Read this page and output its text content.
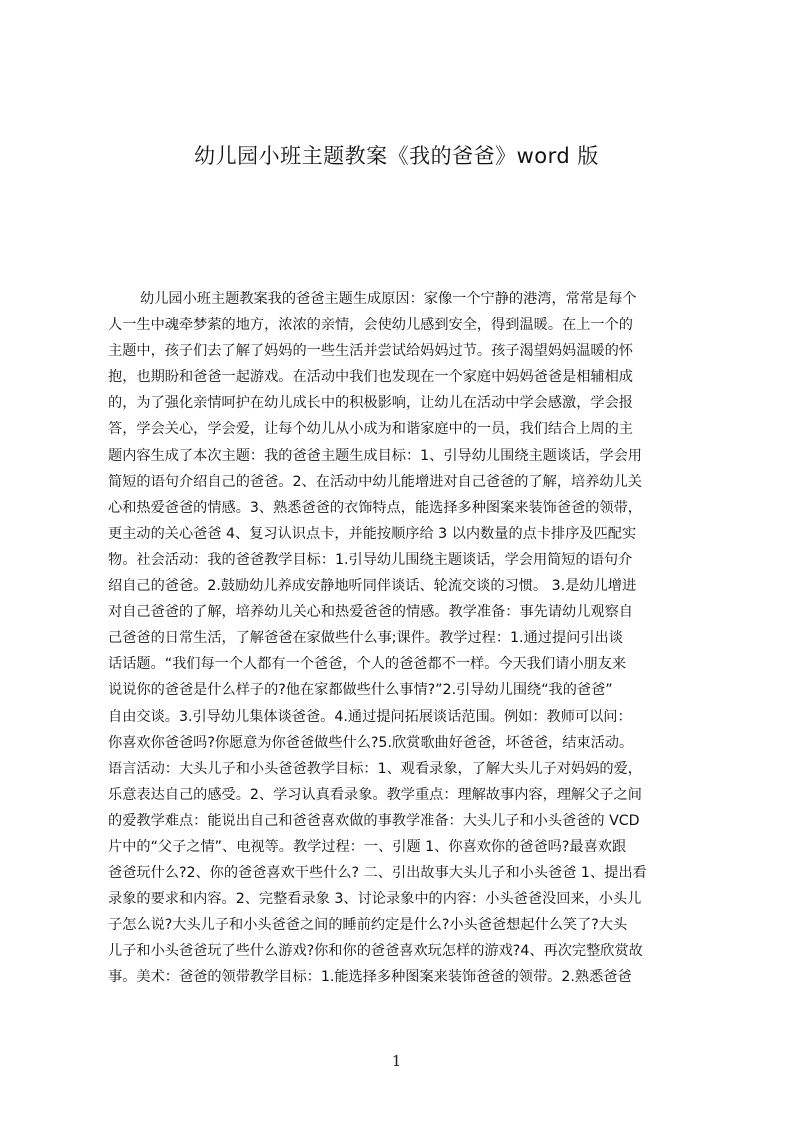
幼儿园小班主题教案《我的爸爸》word 版
幼儿园小班主题教案我的爸爸主题生成原因：家像一个宁静的港湾，常常是每个
人一生中魂牵梦萦的地方，浓浓的亲情，会使幼儿感到安全，得到温暖。在上一个的
主题中，孩子们去了解了妈妈的一些生活并尝试给妈妈过节。孩子渴望妈妈温暖的怀
抱，也期盼和爸爸一起游戏。在活动中我们也发现在一个家庭中妈妈爸爸是相辅相成
的，为了强化亲情呵护在幼儿成长中的积极影响，让幼儿在活动中学会感激，学会报
答，学会关心，学会爱，让每个幼儿从小成为和谐家庭中的一员，我们结合上周的主
题内容生成了本次主题：我的爸爸主题生成目标：1、引导幼儿围绕主题谈话，学会用
简短的语句介绍自己的爸爸。2、在活动中幼儿能增进对自己爸爸的了解，培养幼儿关
心和热爱爸爸的情感。3、熟悉爸爸的衣饰特点，能选择多种图案来装饰爸爸的领带，
更主动的关心爸爸 4、复习认识点卡，并能按顺序给 3 以内数量的点卡排序及匹配实
物。社会活动：我的爸爸教学目标：1.引导幼儿围绕主题谈话，学会用简短的语句介
绍自己的爸爸。2.鼓励幼儿养成安静地听同伴谈话、轮流交谈的习惯。 3.是幼儿增进
对自己爸爸的了解，培养幼儿关心和热爱爸爸的情感。教学准备：事先请幼儿观察自
己爸爸的日常生活，了解爸爸在家做些什么事;课件。教学过程：1.通过提问引出谈
话话题。“我们每一个人都有一个爸爸，个人的爸爸都不一样。今天我们请小朋友来
说说你的爸爸是什么样子的?他在家都做些什么事情?”2.引导幼儿围绕“我的爸爸”
自由交谈。3.引导幼儿集体谈爸爸。4.通过提问拓展谈话范围。例如：教师可以问：
你喜欢你爸爸吗?你愿意为你爸爸做些什么?5.欣赏歌曲好爸爸，坏爸爸，结束活动。
语言活动：大头儿子和小头爸爸教学目标：1、观看录象，了解大头儿子对妈妈的爱，
乐意表达自己的感受。2、学习认真看录象。教学重点：理解故事内容，理解父子之间
的爱教学难点：能说出自己和爸爸喜欢做的事教学准备：大头儿子和小头爸爸的 VCD
片中的“父子之情”、电视等。教学过程：一、引题 1、你喜欢你的爸爸吗?最喜欢跟
爸爸玩什么?2、你的爸爸喜欢干些什么? 二、引出故事大头儿子和小头爸爸 1、提出看
录象的要求和内容。2、完整看录象 3、讨论录象中的内容：小头爸爸没回来，小头儿
子怎么说?大头儿子和小头爸爸之间的睡前约定是什么?小头爸爸想起什么笑了?大头
儿子和小头爸爸玩了些什么游戏?你和你的爸爸喜欢玩怎样的游戏?4、再次完整欣赏故
事。美术：爸爸的领带教学目标：1.能选择多种图案来装饰爸爸的领带。2.熟悉爸爸
1
